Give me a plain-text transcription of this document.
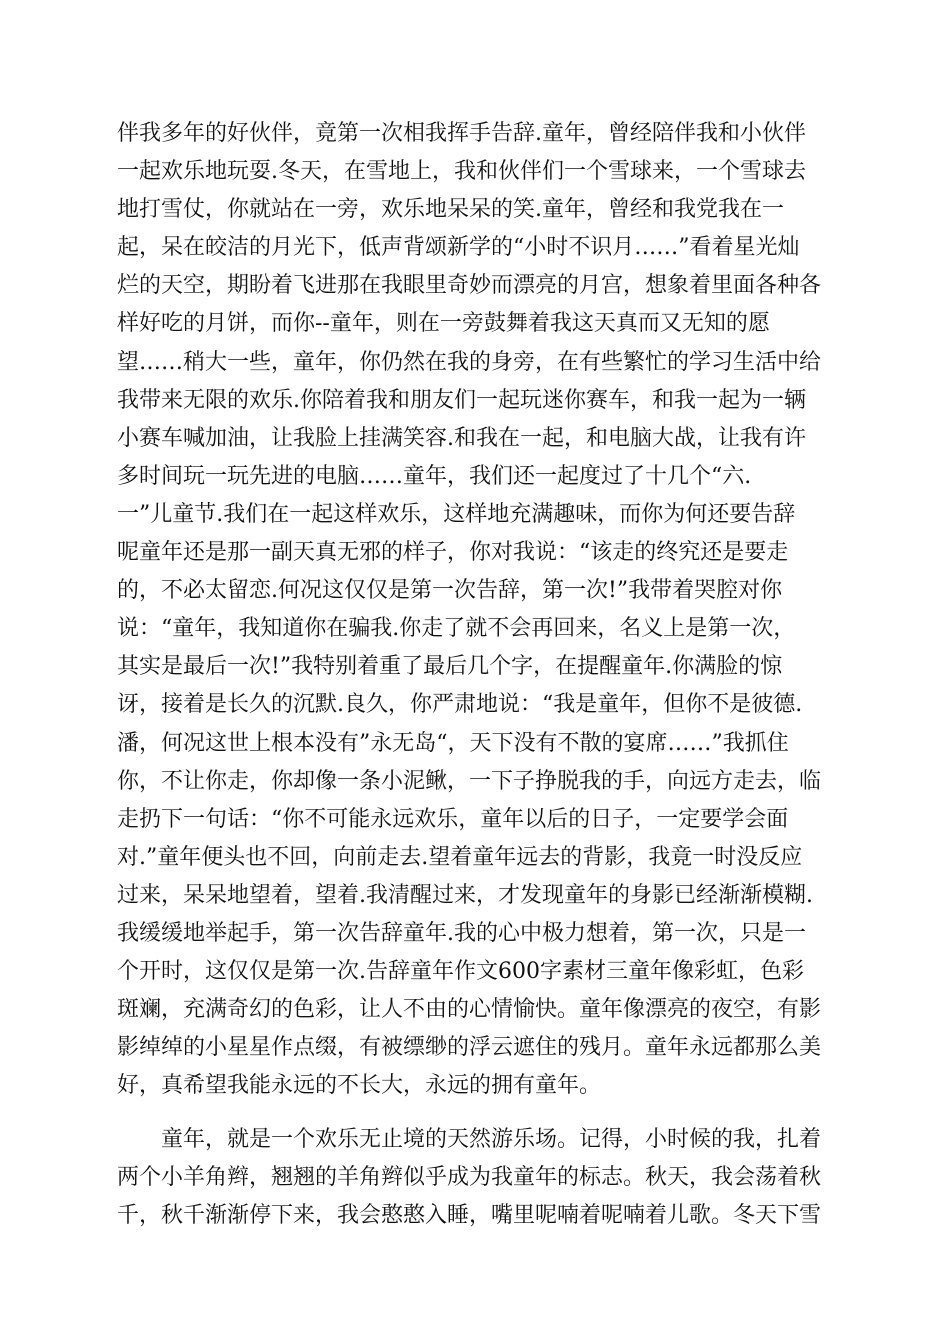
伴我多年的好伙伴，竟第一次相我挥手告辞.童年，曾经陪伴我和小伙伴
一起欢乐地玩耍.冬天，在雪地上，我和伙伴们一个雪球来，一个雪球去
地打雪仗，你就站在一旁，欢乐地呆呆的笑.童年，曾经和我党我在一
起，呆在皎洁的月光下，低声背颂新学的“小时不识月……”看着星光灿
烂的天空，期盼着飞进那在我眼里奇妙而漂亮的月宫，想象着里面各种各
样好吃的月饼，而你--童年，则在一旁鼓舞着我这天真而又无知的愿
望……稍大一些，童年，你仍然在我的身旁，在有些繁忙的学习生活中给
我带来无限的欢乐.你陪着我和朋友们一起玩迷你赛车，和我一起为一辆
小赛车喊加油，让我脸上挂满笑容.和我在一起，和电脑大战，让我有许
多时间玩一玩先进的电脑……童年，我们还一起度过了十几个“六.
一”儿童节.我们在一起这样欢乐，这样地充满趣味，而你为何还要告辞
呢童年还是那一副天真无邪的样子，你对我说：“该走的终究还是要走
的，不必太留恋.何况这仅仅是第一次告辞，第一次!”我带着哭腔对你
说：“童年，我知道你在骗我.你走了就不会再回来，名义上是第一次，
其实是最后一次!”我特别着重了最后几个字，在提醒童年.你满脸的惊
讶，接着是长久的沉默.良久，你严肃地说：“我是童年，但你不是彼德.
潘，何况这世上根本没有”永无岛“，天下没有不散的宴席……”我抓住
你，不让你走，你却像一条小泥鳅，一下子挣脱我的手，向远方走去，临
走扔下一句话：“你不可能永远欢乐，童年以后的日子，一定要学会面
对.”童年便头也不回，向前走去.望着童年远去的背影，我竟一时没反应
过来，呆呆地望着，望着.我清醒过来，才发现童年的身影已经渐渐模糊.
我缓缓地举起手，第一次告辞童年.我的心中极力想着，第一次，只是一
个开时，这仅仅是第一次.告辞童年作文600字素材三童年像彩虹，色彩
斑斓，充满奇幻的色彩，让人不由的心情愉快。童年像漂亮的夜空，有影
影绰绰的小星星作点缀，有被缥缈的浮云遮住的残月。童年永远都那么美
好，真希望我能永远的不长大，永远的拥有童年。
童年，就是一个欢乐无止境的天然游乐场。记得，小时候的我，扎着
两个小羊角辫，翘翘的羊角辫似乎成为我童年的标志。秋天，我会荡着秋
千，秋千渐渐停下来，我会憨憨入睡，嘴里呢喃着呢喃着儿歌。冬天下雪
